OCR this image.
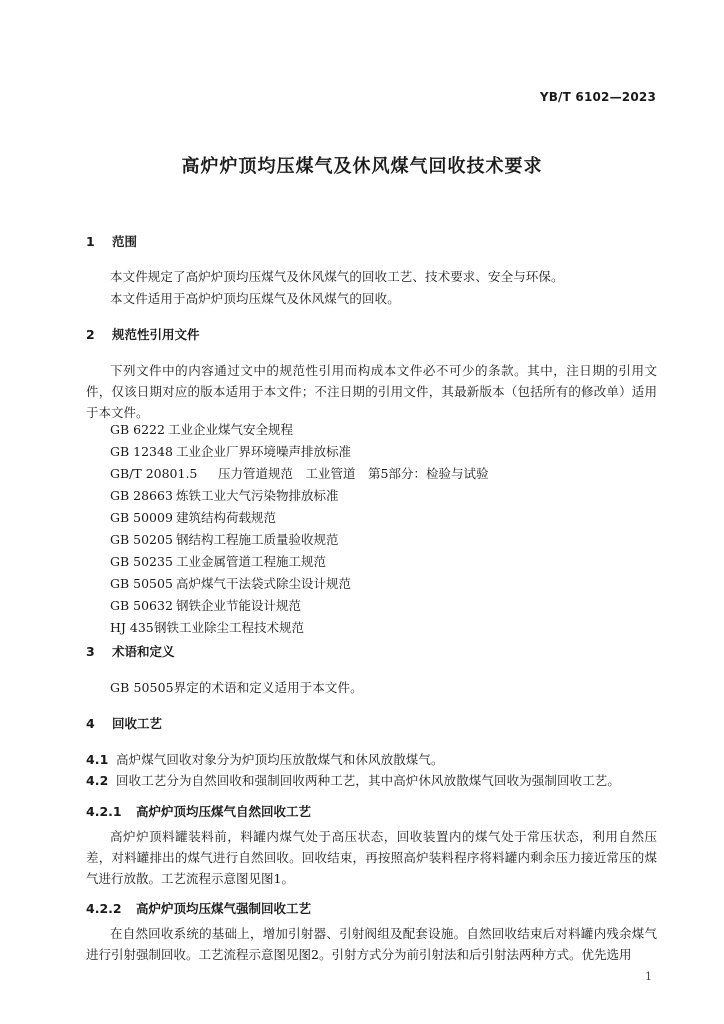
YB/T 6102—2023
高炉炉顶均压煤气及休风煤气回收技术要求
1 范围
本文件规定了高炉炉顶均压煤气及休风煤气的回收工艺、技术要求、安全与环保。
本文件适用于高炉炉顶均压煤气及休风煤气的回收。
2 规范性引用文件
下列文件中的内容通过文中的规范性引用而构成本文件必不可少的条款。其中，注日期的引用文件，仅该日期对应的版本适用于本文件；不注日期的引用文件，其最新版本（包括所有的修改单）适用于本文件。
GB 6222 工业企业煤气安全规程
GB 12348 工业企业厂界环境噪声排放标准
GB/T 20801.5 压力管道规范　工业管道　第5部分：检验与试验
GB 28663 炼铁工业大气污染物排放标准
GB 50009 建筑结构荷载规范
GB 50205 钢结构工程施工质量验收规范
GB 50235 工业金属管道工程施工规范
GB 50505 高炉煤气干法袋式除尘设计规范
GB 50632 钢铁企业节能设计规范
HJ 435钢铁工业除尘工程技术规范
3 术语和定义
GB 50505界定的术语和定义适用于本文件。
4 回收工艺
4.1 高炉煤气回收对象分为炉顶均压放散煤气和休风放散煤气。
4.2 回收工艺分为自然回收和强制回收两种工艺，其中高炉休风放散煤气回收为强制回收工艺。
4.2.1 高炉炉顶均压煤气自然回收工艺
高炉炉顶料罐装料前，料罐内煤气处于高压状态，回收装置内的煤气处于常压状态，利用自然压差，对料罐排出的煤气进行自然回收。回收结束，再按照高炉装料程序将料罐内剩余压力接近常压的煤气进行放散。工艺流程示意图见图1。
4.2.2 高炉炉顶均压煤气强制回收工艺
在自然回收系统的基础上，增加引射器、引射阀组及配套设施。自然回收结束后对料罐内残余煤气进行引射强制回收。工艺流程示意图见图2。引射方式分为前引射法和后引射法两种方式。优先选用
1
